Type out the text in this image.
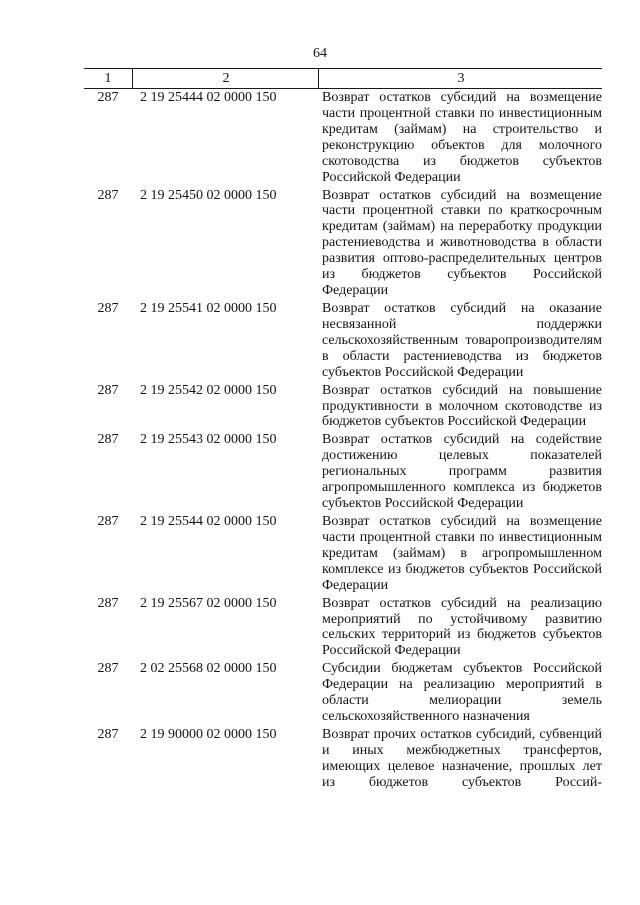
64
1	2	3
287	2 19 25444 02 0000 150	Возврат остатков субсидий на возмещение части процентной ставки по инвестиционным кредитам (займам) на строительство и реконструкцию объектов для молочного скотоводства из бюджетов субъектов Российской Федерации
287	2 19 25450 02 0000 150	Возврат остатков субсидий на возмещение части процентной ставки по краткосрочным кредитам (займам) на переработку продукции растениеводства и животноводства в области развития оптово-распределительных центров из бюджетов субъектов Российской Федерации
287	2 19 25541 02 0000 150	Возврат остатков субсидий на оказание несвязанной поддержки сельскохозяйственным товаропроизводителям в области растениеводства из бюджетов субъектов Российской Федерации
287	2 19 25542 02 0000 150	Возврат остатков субсидий на повышение продуктивности в молочном скотоводстве из бюджетов субъектов Российской Федерации
287	2 19 25543 02 0000 150	Возврат остатков субсидий на содействие достижению целевых показателей региональных программ развития агропромышленного комплекса из бюджетов субъектов Российской Федерации
287	2 19 25544 02 0000 150	Возврат остатков субсидий на возмещение части процентной ставки по инвестиционным кредитам (займам) в агропромышленном комплексе из бюджетов субъектов Российской Федерации
287	2 19 25567 02 0000 150	Возврат остатков субсидий на реализацию мероприятий по устойчивому развитию сельских территорий из бюджетов субъектов Российской Федерации
287	2 02 25568 02 0000 150	Субсидии бюджетам субъектов Российской Федерации на реализацию мероприятий в области мелиорации земель сельскохозяйственного назначения
287	2 19 90000 02 0000 150	Возврат прочих остатков субсидий, субвенций и иных межбюджетных трансфертов, имеющих целевое назначение, прошлых лет из бюджетов субъектов Россий-
